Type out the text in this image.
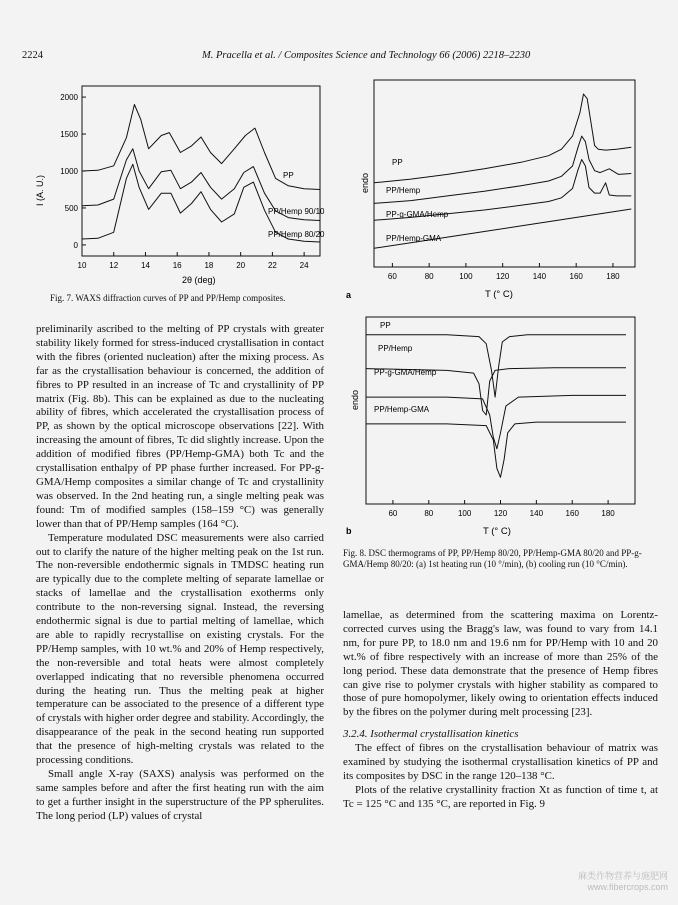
2224	M. Pracella et al. / Composites Science and Technology 66 (2006) 2218–2230
10	12	14	16	18	20	22	24
0
500
1000
1500
2000
PP
PP/Hemp 90/10
PP/Hemp 80/20
I (A. U.)
2θ (deg)
Fig. 7. WAXS diffraction curves of PP and PP/Hemp composites.
60	80	100	120	140	160	180
PP
PP/Hemp
PP-g-GMA/Hemp
PP/Hemp-GMA
endo
T (° C)
a
60	80	100	120	140	160	180
PP
PP/Hemp
PP-g-GMA/Hemp
PP/Hemp-GMA
endo
T (° C)
b
Fig. 8. DSC thermograms of PP, PP/Hemp 80/20, PP/Hemp-GMA 80/20 and PP-g-GMA/Hemp 80/20: (a) 1st heating run (10 °/min), (b) cooling run (10 °C/min).

preliminarily ascribed to the melting of PP crystals with greater stability likely formed for stress-induced crystallisation in contact with the fibres (oriented nucleation) after the mixing process. As far as the crystallisation behaviour is concerned, the addition of fibres to PP resulted in an increase of Tc and crystallinity of PP matrix (Fig. 8b). This can be explained as due to the nucleating ability of fibres, which accelerated the crystallisation process of PP, as shown by the optical microscope observations [22]. With increasing the amount of fibres, Tc did slightly increase. Upon the addition of modified fibres (PP/Hemp-GMA) both Tc and the crystallisation enthalpy of PP phase further increased. For PP-g-GMA/Hemp composites a similar change of Tc and crystallinity was observed. In the 2nd heating run, a single melting peak was found: Tm of modified samples (158–159 °C) was generally lower than that of PP/Hemp samples (164 °C).

Temperature modulated DSC measurements were also carried out to clarify the nature of the higher melting peak on the 1st run. The non-reversible endothermic signals in TMDSC heating run are typically due to the complete melting of separate lamellae or stacks of lamellae and the crystallisation exotherms only contribute to the non-reversing signal. Instead, the reversing endothermic signal is due to partial melting of lamellae, which are able to rapidly recrystallise on existing crystals. For the PP/Hemp samples, with 10 wt.% and 20% of Hemp respectively, the non-reversible and total heats were almost completely overlapped indicating that no reversible phenomena occurred during the heating run. Thus the melting peak at higher temperature can be associated to the presence of a different type of crystals with higher order degree and stability. Accordingly, the disappearance of the peak in the second heating run supported that the presence of high-melting crystals was related to the processing conditions.

Small angle X-ray (SAXS) analysis was performed on the same samples before and after the first heating run with the aim to get a further insight in the superstructure of the PP spherulites. The long period (LP) values of crystal

lamellae, as determined from the scattering maxima on Lorentz-corrected curves using the Bragg's law, was found to vary from 14.1 nm, for pure PP, to 18.0 nm and 19.6 nm for PP/Hemp with 10 and 20 wt.% of fibre respectively with an increase of more than 25% of the long period. These data demonstrate that the presence of Hemp fibres can give rise to polymer crystals with higher stability as compared to those of pure homopolymer, likely owing to orientation effects induced by the fibres on the polymer during melt processing [23].

3.2.4. Isothermal crystallisation kinetics

The effect of fibres on the crystallisation behaviour of matrix was examined by studying the isothermal crystallisation kinetics of PP and its composites by DSC in the range 120–138 °C.

Plots of the relative crystallinity fraction Xt as function of time t, at Tc = 125 °C and 135 °C, are reported in Fig. 9

麻类作物营养与施肥网
www.fibercrops.com
